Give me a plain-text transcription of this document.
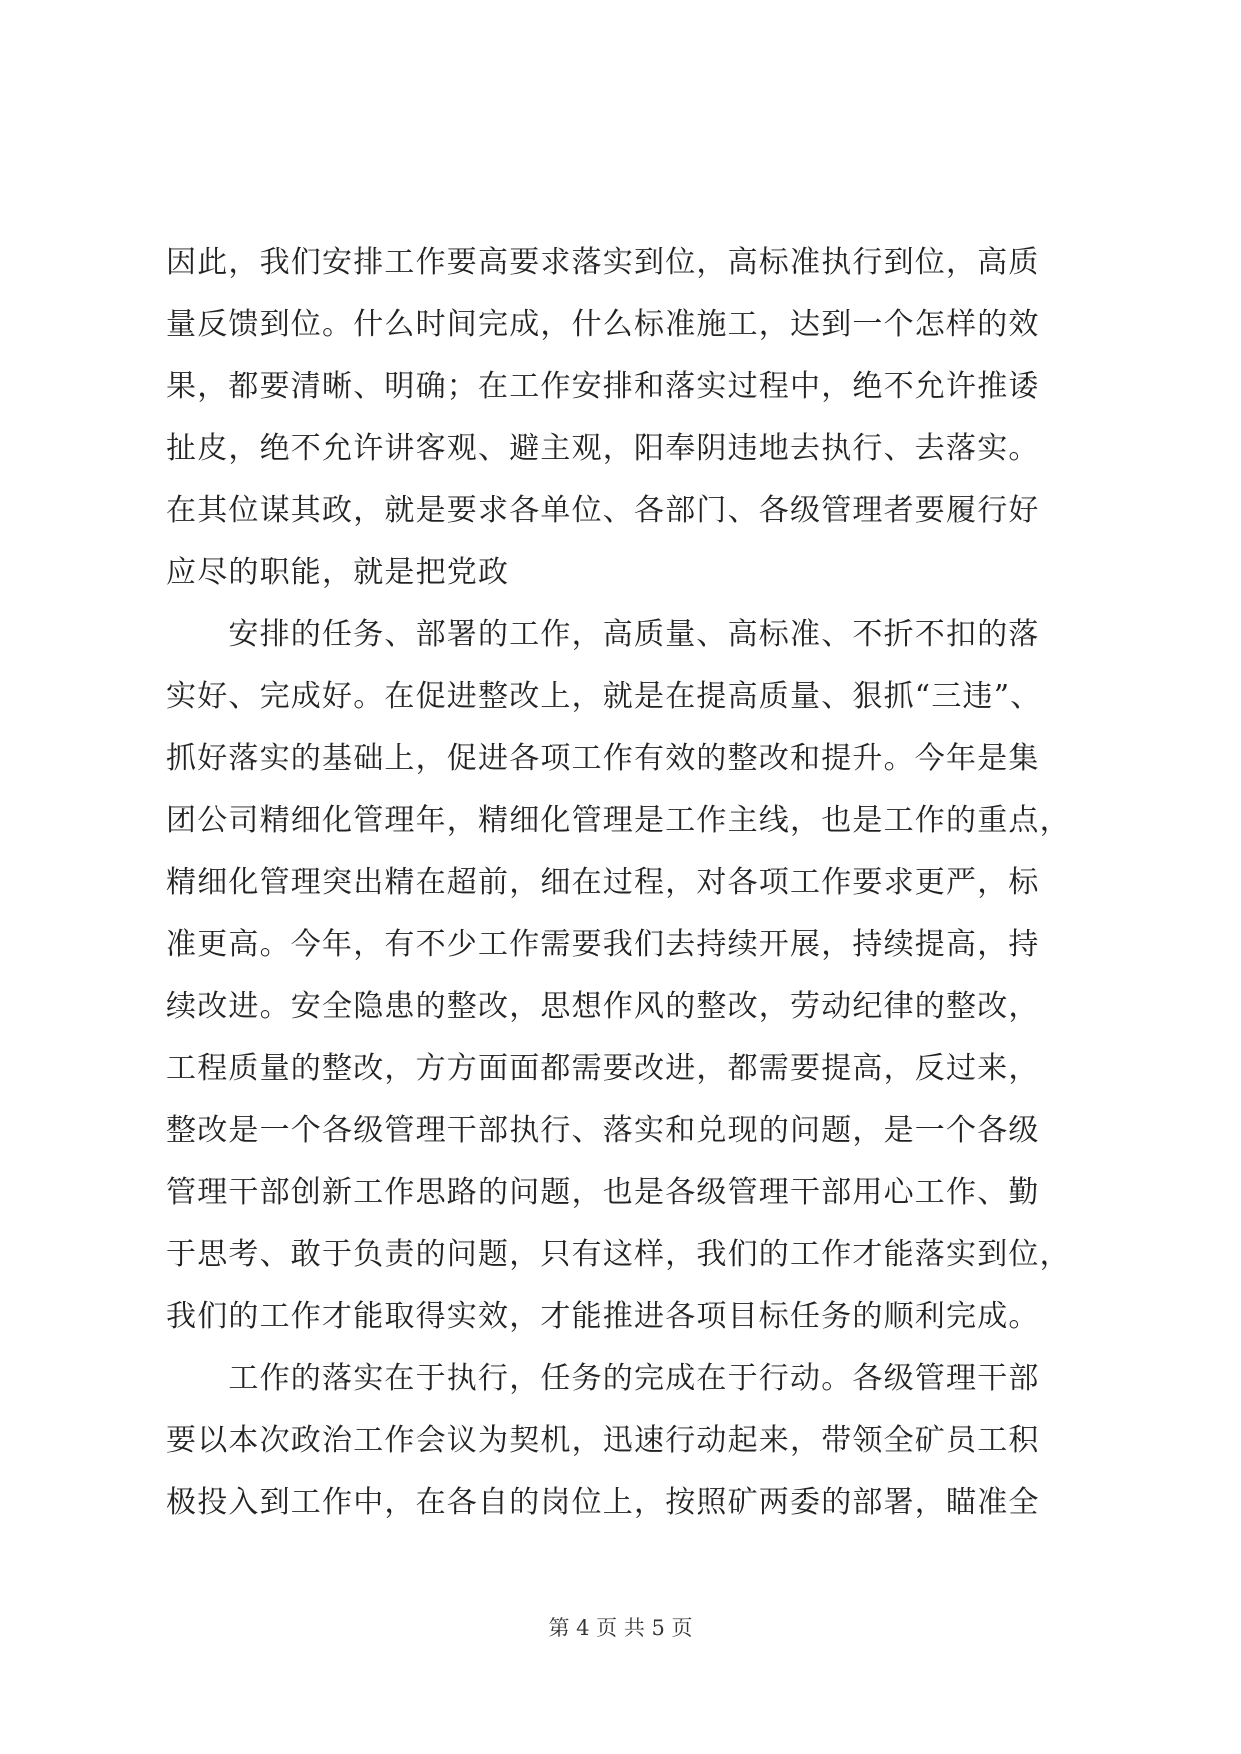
因此，我们安排工作要高要求落实到位，高标准执行到位，高质
量反馈到位。什么时间完成，什么标准施工，达到一个怎样的效
果，都要清晰、明确；在工作安排和落实过程中，绝不允许推诿
扯皮，绝不允许讲客观、避主观，阳奉阴违地去执行、去落实。
在其位谋其政，就是要求各单位、各部门、各级管理者要履行好
应尽的职能，就是把党政
　　安排的任务、部署的工作，高质量、高标准、不折不扣的落
实好、完成好。在促进整改上，就是在提高质量、狠抓“三违”、
抓好落实的基础上，促进各项工作有效的整改和提升。今年是集
团公司精细化管理年，精细化管理是工作主线，也是工作的重点，
精细化管理突出精在超前，细在过程，对各项工作要求更严，标
准更高。今年，有不少工作需要我们去持续开展，持续提高，持
续改进。安全隐患的整改，思想作风的整改，劳动纪律的整改，
工程质量的整改，方方面面都需要改进，都需要提高，反过来，
整改是一个各级管理干部执行、落实和兑现的问题，是一个各级
管理干部创新工作思路的问题，也是各级管理干部用心工作、勤
于思考、敢于负责的问题，只有这样，我们的工作才能落实到位，
我们的工作才能取得实效，才能推进各项目标任务的顺利完成。
　　工作的落实在于执行，任务的完成在于行动。各级管理干部
要以本次政治工作会议为契机，迅速行动起来，带领全矿员工积
极投入到工作中，在各自的岗位上，按照矿两委的部署，瞄准全
第 4 页 共 5 页
